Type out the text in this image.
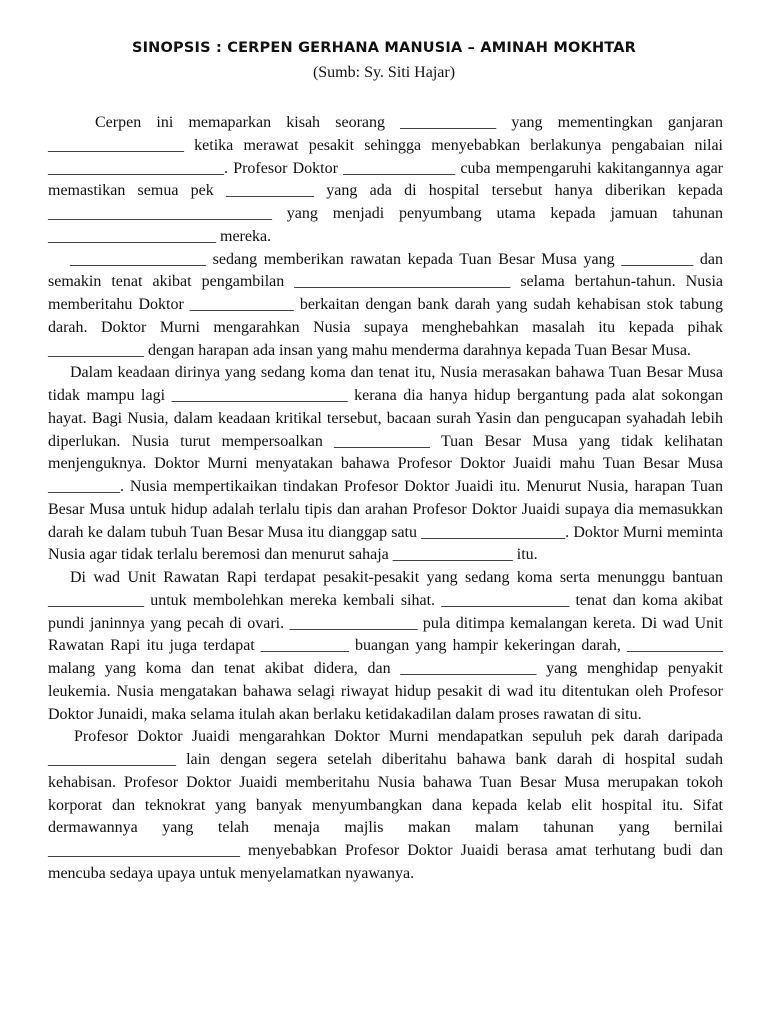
SINOPSIS : CERPEN GERHANA MANUSIA – AMINAH MOKHTAR
(Sumb: Sy. Siti Hajar)

Cerpen ini memaparkan kisah seorang ____________ yang mementingkan ganjaran _________________ ketika merawat pesakit sehingga menyebabkan berlakunya pengabaian nilai ______________________. Profesor Doktor ______________ cuba mempengaruhi kakitangannya agar memastikan semua pek ___________ yang ada di hospital tersebut hanya diberikan kepada ____________________________ yang menjadi penyumbang utama kepada jamuan tahunan _____________________ mereka.

_________________ sedang memberikan rawatan kepada Tuan Besar Musa yang _________ dan semakin tenat akibat pengambilan ___________________________ selama bertahun-tahun. Nusia memberitahu Doktor _____________ berkaitan dengan bank darah yang sudah kehabisan stok tabung darah. Doktor Murni mengarahkan Nusia supaya menghebahkan masalah itu kepada pihak ____________ dengan harapan ada insan yang mahu menderma darahnya kepada Tuan Besar Musa.

Dalam keadaan dirinya yang sedang koma dan tenat itu, Nusia merasakan bahawa Tuan Besar Musa tidak mampu lagi ______________________ kerana dia hanya hidup bergantung pada alat sokongan hayat. Bagi Nusia, dalam keadaan kritikal tersebut, bacaan surah Yasin dan pengucapan syahadah lebih diperlukan. Nusia turut mempersoalkan ____________ Tuan Besar Musa yang tidak kelihatan menjenguknya. Doktor Murni menyatakan bahawa Profesor Doktor Juaidi mahu Tuan Besar Musa _________. Nusia mempertikaikan tindakan Profesor Doktor Juaidi itu. Menurut Nusia, harapan Tuan Besar Musa untuk hidup adalah terlalu tipis dan arahan Profesor Doktor Juaidi supaya dia memasukkan darah ke dalam tubuh Tuan Besar Musa itu dianggap satu __________________. Doktor Murni meminta Nusia agar tidak terlalu beremosi dan menurut sahaja _______________ itu.

Di wad Unit Rawatan Rapi terdapat pesakit-pesakit yang sedang koma serta menunggu bantuan ____________ untuk membolehkan mereka kembali sihat. ________________ tenat dan koma akibat pundi janinnya yang pecah di ovari. ________________ pula ditimpa kemalangan kereta. Di wad Unit Rawatan Rapi itu juga terdapat ___________ buangan yang hampir kekeringan darah, ____________ malang yang koma dan tenat akibat didera, dan _________________ yang menghidap penyakit leukemia. Nusia mengatakan bahawa selagi riwayat hidup pesakit di wad itu ditentukan oleh Profesor Doktor Junaidi, maka selama itulah akan berlaku ketidakadilan dalam proses rawatan di situ.

Profesor Doktor Juaidi mengarahkan Doktor Murni mendapatkan sepuluh pek darah daripada ________________ lain dengan segera setelah diberitahu bahawa bank darah di hospital sudah kehabisan. Profesor Doktor Juaidi memberitahu Nusia bahawa Tuan Besar Musa merupakan tokoh korporat dan teknokrat yang banyak menyumbangkan dana kepada kelab elit hospital itu. Sifat dermawannya yang telah menaja majlis makan malam tahunan yang bernilai ________________________ menyebabkan Profesor Doktor Juaidi berasa amat terhutang budi dan mencuba sedaya upaya untuk menyelamatkan nyawanya.
